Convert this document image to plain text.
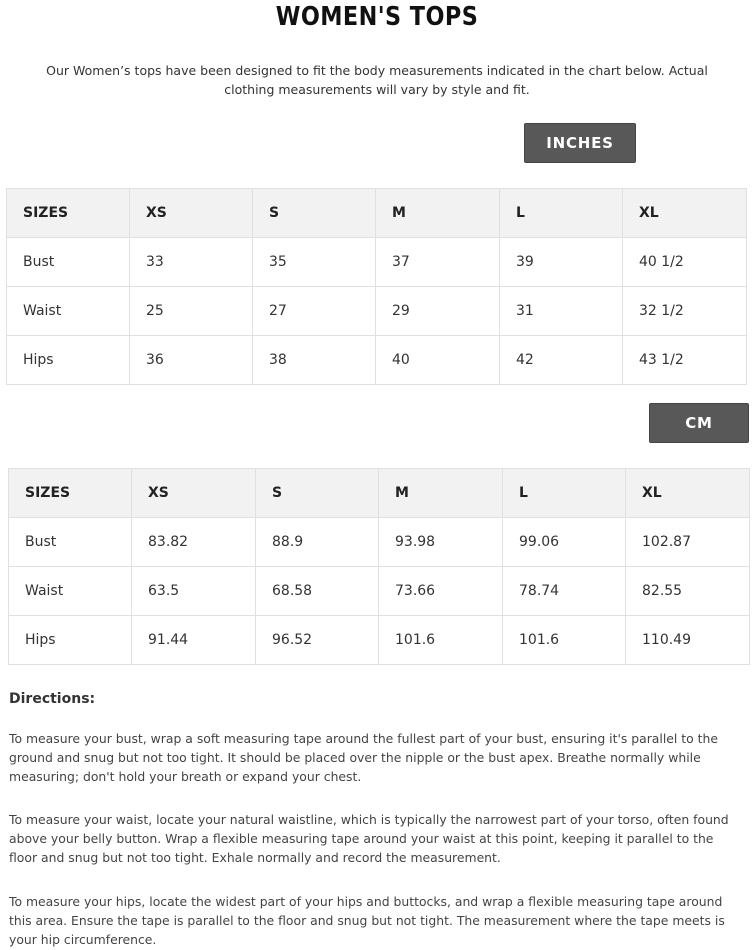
WOMEN'S TOPS

Our Women’s tops have been designed to fit the body measurements indicated in the chart below. Actual clothing measurements will vary by style and fit.

INCHES
SIZES	XS	S	M	L	XL
Bust	33	35	37	39	40 1/2
Waist	25	27	29	31	32 1/2
Hips	36	38	40	42	43 1/2
CM
SIZES	XS	S	M	L	XL
Bust	83.82	88.9	93.98	99.06	102.87
Waist	63.5	68.58	73.66	78.74	82.55
Hips	91.44	96.52	101.6	101.6	110.49
Directions:

To measure your bust, wrap a soft measuring tape around the fullest part of your bust, ensuring it's parallel to the ground and snug but not too tight. It should be placed over the nipple or the bust apex. Breathe normally while measuring; don't hold your breath or expand your chest.

To measure your waist, locate your natural waistline, which is typically the narrowest part of your torso, often found above your belly button. Wrap a flexible measuring tape around your waist at this point, keeping it parallel to the floor and snug but not too tight. Exhale normally and record the measurement.

To measure your hips, locate the widest part of your hips and buttocks, and wrap a flexible measuring tape around this area. Ensure the tape is parallel to the floor and snug but not tight. The measurement where the tape meets is your hip circumference.
